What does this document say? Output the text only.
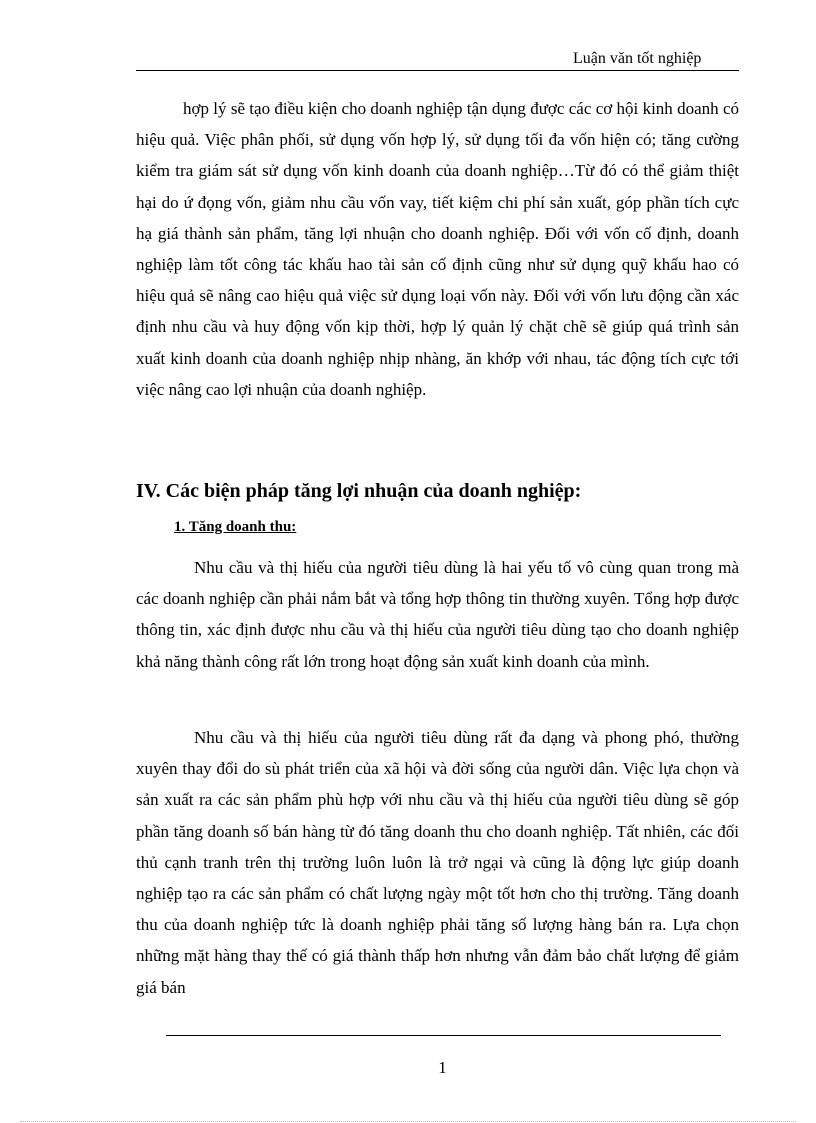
Luận văn tốt nghiệp

hợp lý sẽ tạo điều kiện cho doanh nghiệp tận dụng được các cơ hội kinh doanh có hiệu quả. Việc phân phối, sử dụng vốn hợp lý, sử dụng tối đa vốn hiện có; tăng cường kiểm tra giám sát sử dụng vốn kinh doanh của doanh nghiệp…Từ đó có thể giảm thiệt hại do ứ đọng vốn, giảm nhu cầu vốn vay, tiết kiệm chi phí sản xuất, góp phần tích cực hạ giá thành sản phẩm, tăng lợi nhuận cho doanh nghiệp. Đối với vốn cố định, doanh nghiệp làm tốt công tác khấu hao tài sản cố định cũng như sử dụng quỹ khấu hao có hiệu quả sẽ nâng cao hiệu quả việc sử dụng loại vốn này. Đối với vốn lưu động cần xác định nhu cầu và huy động vốn kịp thời, hợp lý quản lý chặt chẽ sẽ giúp quá trình sản xuất kinh doanh của doanh nghiệp nhịp nhàng, ăn khớp với nhau, tác động tích cực tới việc nâng cao lợi nhuận của doanh nghiệp.

IV. Các biện pháp tăng lợi nhuận của doanh nghiệp:
1. Tăng doanh thu:

Nhu cầu và thị hiếu của người tiêu dùng là hai yếu tố vô cùng quan trong mà các doanh nghiệp cần phải nắm bắt và tổng hợp thông tin thường xuyên. Tổng hợp được thông tin, xác định được nhu cầu và thị hiếu của người tiêu dùng tạo cho doanh nghiệp khả năng thành công rất lớn trong hoạt động sản xuất kinh doanh của mình.

Nhu cầu và thị hiếu của người tiêu dùng rất đa dạng và phong phó, thường xuyên thay đổi do sù phát triển của xã hội và đời sống của người dân. Việc lựa chọn và sản xuất ra các sản phẩm phù hợp với nhu cầu và thị hiếu của người tiêu dùng sẽ góp phần tăng doanh số bán hàng từ đó tăng doanh thu cho doanh nghiệp. Tất nhiên, các đối thủ cạnh tranh trên thị trường luôn luôn là trở ngại và cũng là động lực giúp doanh nghiệp tạo ra các sản phẩm có chất lượng ngày một tốt hơn cho thị trường. Tăng doanh thu của doanh nghiệp tức là doanh nghiệp phải tăng số lượng hàng bán ra. Lựa chọn những mặt hàng thay thế có giá thành thấp hơn nhưng vẫn đảm bảo chất lượng để giảm giá bán

1
